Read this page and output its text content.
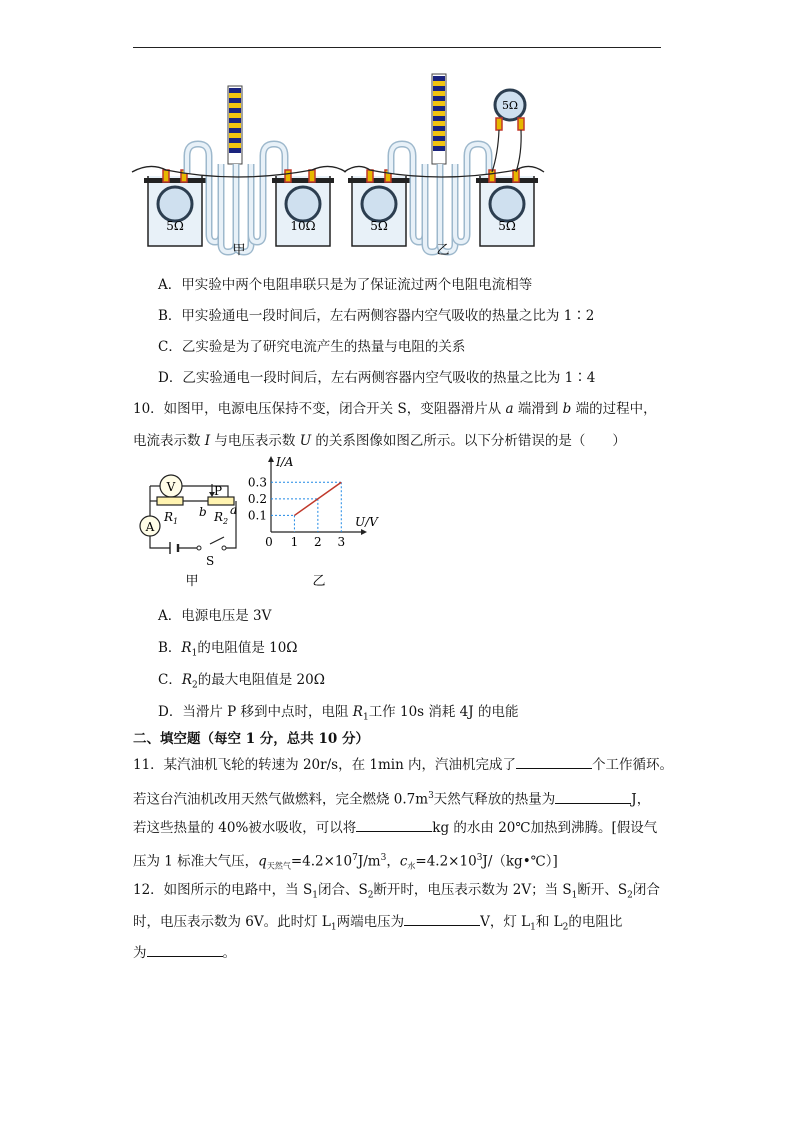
5Ω	10Ω
甲
5Ω	5Ω
5Ω
乙
A．甲实验中两个电阻串联只是为了保证流过两个电阻电流相等
B．甲实验通电一段时间后，左右两侧容器内空气吸收的热量之比为 1∶2
C．乙实验是为了研究电流产生的热量与电阻的关系
D．乙实验通电一段时间后，左右两侧容器内空气吸收的热量之比为 1∶4
10．如图甲，电源电压保持不变，闭合开关 S，变阻器滑片从 a 端滑到 b 端的过程中，
电流表示数 I 与电压表示数 U 的关系图像如图乙所示。以下分析错误的是（　　）
V
A
P
$R_1$	$R_2$
b a
S
甲
0 1 2 3
0.1
0.2
0.3
I/A
U/V
乙
A．电源电压是 3V
B．$R_1$的电阻值是 10Ω
C．$R_2$的最大电阻值是 20Ω
D．当滑片 P 移到中点时，电阻 $R_1$工作 10s 消耗 4J 的电能
二、填空题（每空 1 分，总共 10 分）
11．某汽油机飞轮的转速为 20r/s，在 1min 内，汽油机完成了	个工作循环。
若这台汽油机改用天然气做燃料，完全燃烧 $0.7m^3$天然气释放的热量为	J，
若这些热量的 40%被水吸收，可以将	kg 的水由 20℃加热到沸腾。[假设气
压为 1 标准大气压，$q_{天然气}=4.2\times 10^7J/m^3$，$c_水=4.2\times 10^3J/(kg•℃)$]
12．如图所示的电路中，当 $S_1$闭合、$S_2$断开时，电压表示数为 2V；当 $S_1$断开、$S_2$闭合
时，电压表示数为 6V。此时灯 $L_1$两端电压为	V，灯 $L_1$和 $L_2$的电阻比
为	。
